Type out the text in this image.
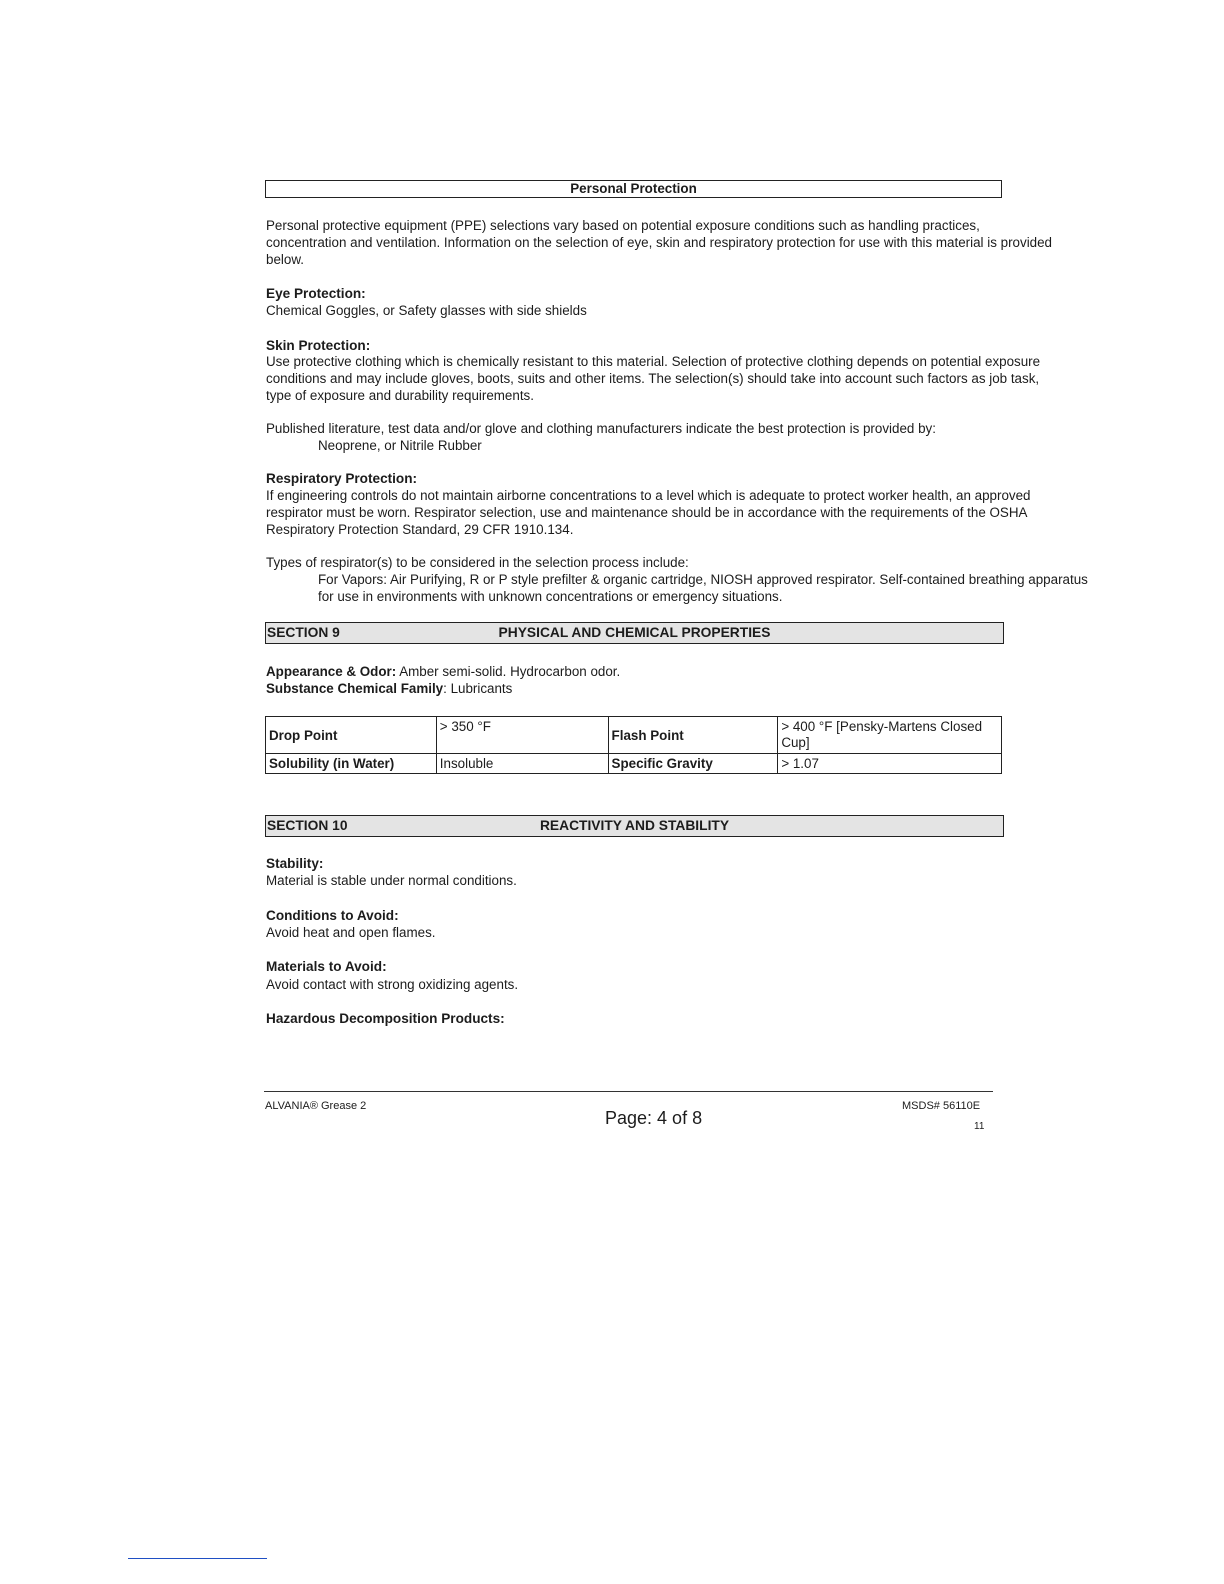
Personal Protection
Personal protective equipment (PPE) selections vary based on potential exposure conditions such as handling practices, concentration and ventilation. Information on the selection of eye, skin and respiratory protection for use with this material is provided below.
Eye Protection:
Chemical Goggles, or Safety glasses with side shields
Skin Protection:
Use protective clothing which is chemically resistant to this material. Selection of protective clothing depends on potential exposure conditions and may include gloves, boots, suits and other items. The selection(s) should take into account such factors as job task, type of exposure and durability requirements.
Published literature, test data and/or glove and clothing manufacturers indicate the best protection is provided by:
Neoprene, or Nitrile Rubber
Respiratory Protection:
If engineering controls do not maintain airborne concentrations to a level which is adequate to protect worker health, an approved respirator must be worn. Respirator selection, use and maintenance should be in accordance with the requirements of the OSHA Respiratory Protection Standard, 29 CFR 1910.134.
Types of respirator(s) to be considered in the selection process include:
For Vapors: Air Purifying, R or P style prefilter & organic cartridge, NIOSH approved respirator. Self-contained breathing apparatus for use in environments with unknown concentrations or emergency situations.
PHYSICAL AND CHEMICAL PROPERTIES
SECTION 9
Appearance & Odor: Amber semi-solid. Hydrocarbon odor.
Substance Chemical Family: Lubricants
Drop Point	> 350 °F	Flash Point	> 400 °F [Pensky-Martens Closed Cup]
Solubility (in Water)	Insoluble	Specific Gravity	> 1.07
REACTIVITY AND STABILITY
SECTION 10
Stability:
Material is stable under normal conditions.
Conditions to Avoid:
Avoid heat and open flames.
Materials to Avoid:
Avoid contact with strong oxidizing agents.
Hazardous Decomposition Products:
ALVANIA® Grease 2
Page: 4 of 8
MSDS# 56110E
11
